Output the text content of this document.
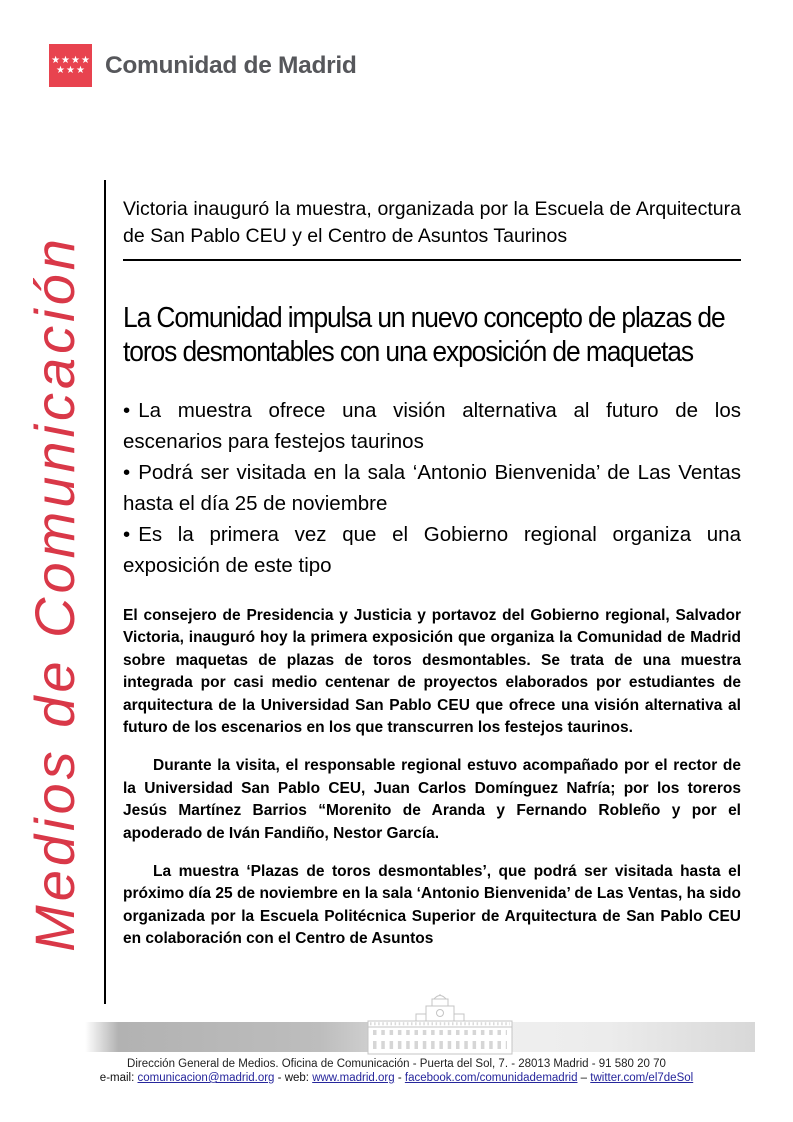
★★★★
★★★ Comunidad de Madrid
Medios de Comunicación

Victoria inauguró la muestra, organizada por la Escuela de Arquitectura de San Pablo CEU y el Centro de Asuntos Taurinos

La Comunidad impulsa un nuevo concepto de plazas de toros desmontables con una exposición de maquetas

• La muestra ofrece una visión alternativa al futuro de los escenarios para festejos taurinos

• Podrá ser visitada en la sala ‘Antonio Bienvenida’ de Las Ventas hasta el día 25 de noviembre

• Es la primera vez que el Gobierno regional organiza una exposición de este tipo

El consejero de Presidencia y Justicia y portavoz del Gobierno regional, Salvador Victoria, inauguró hoy la primera exposición que organiza la Comunidad de Madrid sobre maquetas de plazas de toros desmontables. Se trata de una muestra integrada por casi medio centenar de proyectos elaborados por estudiantes de arquitectura de la Universidad San Pablo CEU que ofrece una visión alternativa al futuro de los escenarios en los que transcurren los festejos taurinos.

Durante la visita, el responsable regional estuvo acompañado por el rector de la Universidad San Pablo CEU, Juan Carlos Domínguez Nafría; por los toreros Jesús Martínez Barrios “Morenito de Aranda y Fernando Robleño y por el apoderado de Iván Fandiño, Nestor García.

La muestra ‘Plazas de toros desmontables’, que podrá ser visitada hasta el próximo día 25 de noviembre en la sala ‘Antonio Bienvenida’ de Las Ventas, ha sido organizada por la Escuela Politécnica Superior de Arquitectura de San Pablo CEU en colaboración con el Centro de Asuntos

Dirección General de Medios. Oficina de Comunicación - Puerta del Sol, 7. - 28013 Madrid - 91 580 20 70
e-mail: comunicacion@madrid.org - web: www.madrid.org - facebook.com/comunidademadrid – twitter.com/el7deSol
